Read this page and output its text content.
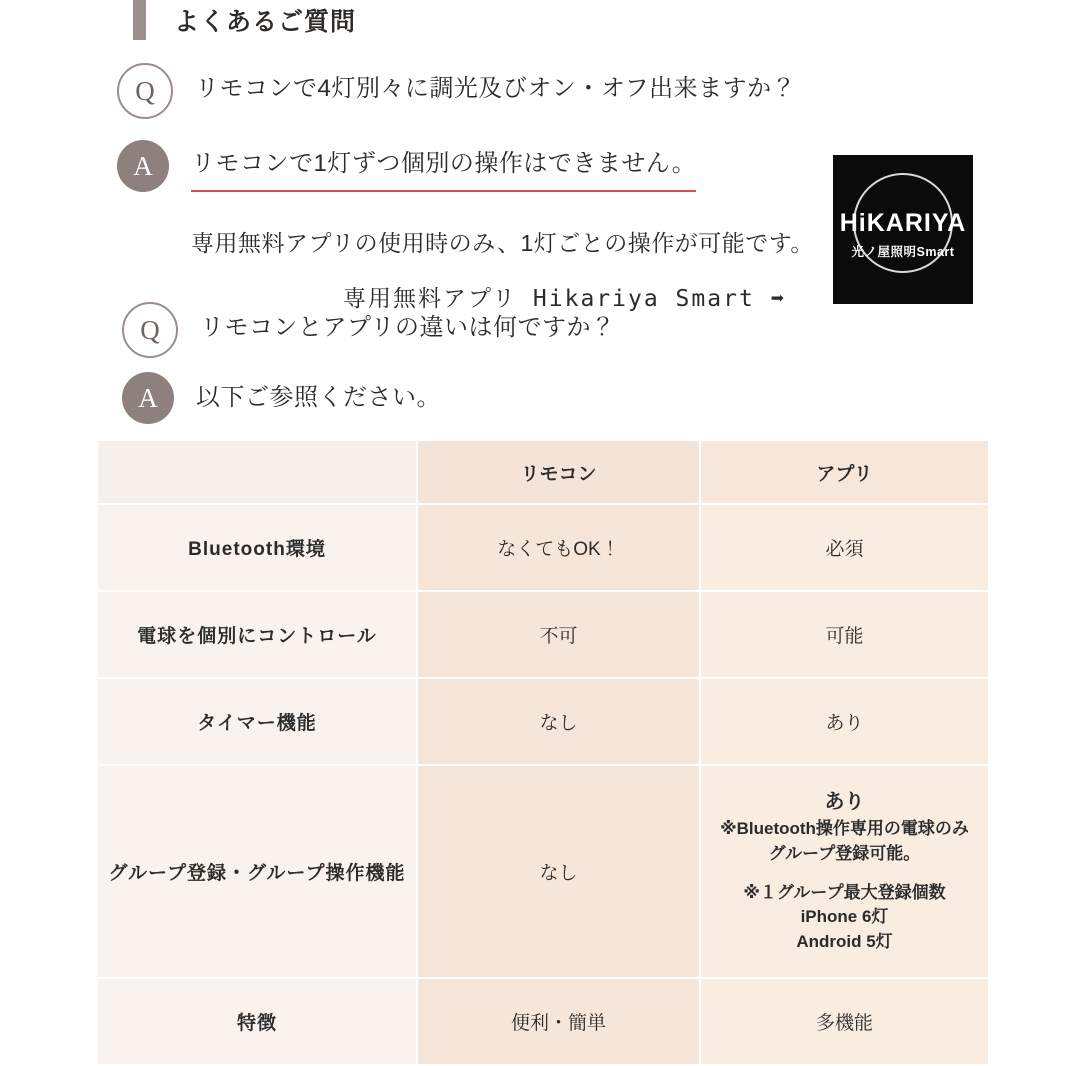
よくあるご質問
Q	リモコンで4灯別々に調光及びオン・オフ出来ますか？
A	リモコンで1灯ずつ個別の操作はできません。
専用無料アプリの使用時のみ、1灯ごとの操作が可能です。
専用無料アプリ Hikariya Smart ➡
HiKARIYA
光ノ屋照明Smart
Q	リモコンとアプリの違いは何ですか？
A	以下ご参照ください。
	リモコン	アプリ
Bluetooth環境	なくてもOK！	必須
電球を個別にコントロール	不可	可能
タイマー機能	なし	あり
グループ登録・グループ操作機能	なし	
あり
※Bluetooth操作専用の電球のみ
グループ登録可能。
※１グループ最大登録個数
iPhone 6灯
Android 5灯

特徴	便利・簡単	多機能
